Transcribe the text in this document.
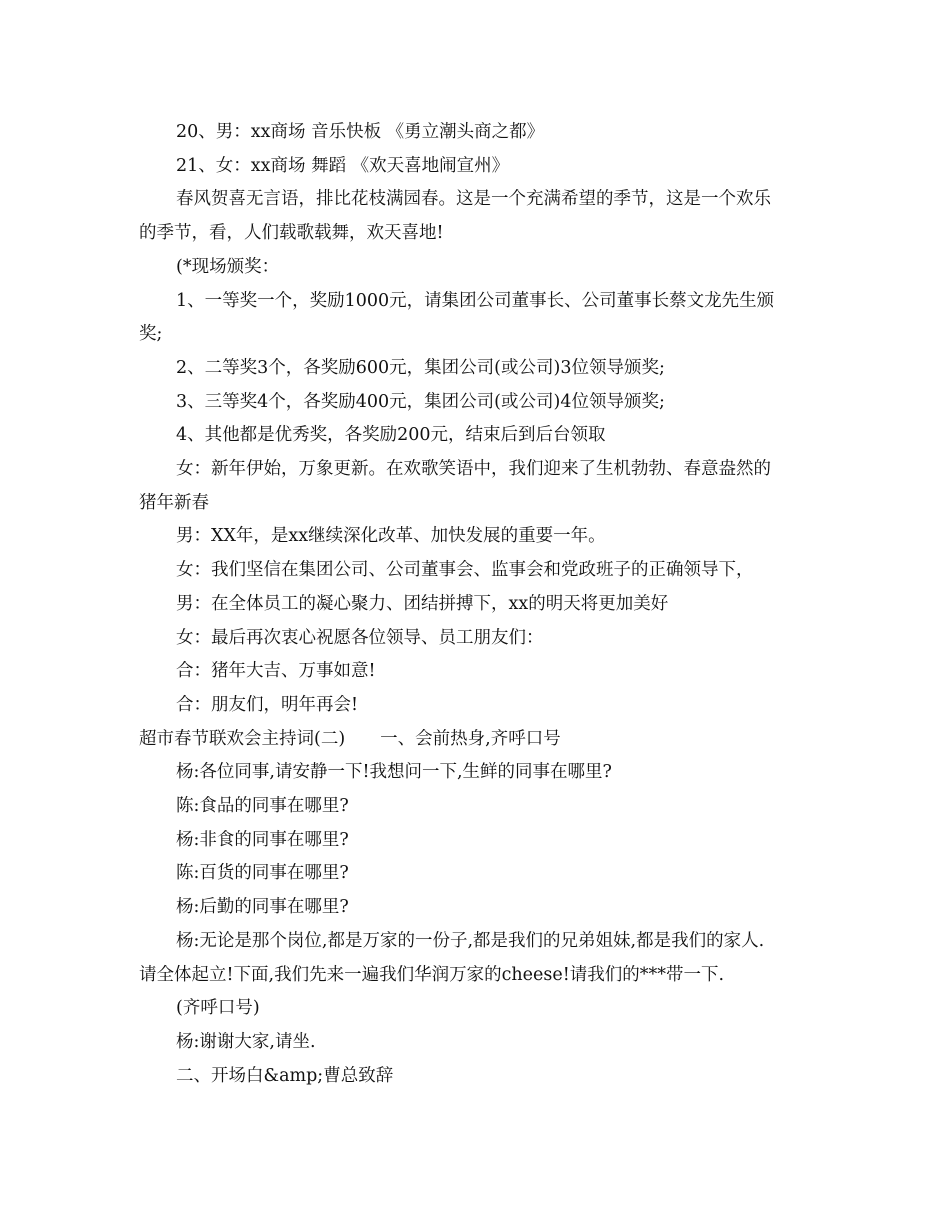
20、男：xx商场 音乐快板 《勇立潮头商之都》

21、女：xx商场 舞蹈 《欢天喜地闹宣州》

春风贺喜无言语，排比花枝满园春。这是一个充满希望的季节，这是一个欢乐

的季节，看，人们载歌载舞，欢天喜地!

(*现场颁奖：

1、一等奖一个，奖励1000元，请集团公司董事长、公司董事长蔡文龙先生颁

奖;

2、二等奖3个，各奖励600元，集团公司(或公司)3位领导颁奖;

3、三等奖4个，各奖励400元，集团公司(或公司)4位领导颁奖;

4、其他都是优秀奖，各奖励200元，结束后到后台领取

女：新年伊始，万象更新。在欢歌笑语中，我们迎来了生机勃勃、春意盎然的

猪年新春

男：XX年，是xx继续深化改革、加快发展的重要一年。

女：我们坚信在集团公司、公司董事会、监事会和党政班子的正确领导下，

男：在全体员工的凝心聚力、团结拼搏下，xx的明天将更加美好

女：最后再次衷心祝愿各位领导、员工朋友们：

合：猪年大吉、万事如意!

合：朋友们，明年再会!

超市春节联欢会主持词(二)　　一、会前热身,齐呼口号

杨:各位同事,请安静一下!我想问一下,生鲜的同事在哪里?

陈:食品的同事在哪里?

杨:非食的同事在哪里?

陈:百货的同事在哪里?

杨:后勤的同事在哪里?

杨:无论是那个岗位,都是万家的一份子,都是我们的兄弟姐妹,都是我们的家人.

请全体起立!下面,我们先来一遍我们华润万家的cheese!请我们的***带一下.

(齐呼口号)

杨:谢谢大家,请坐.

二、开场白&amp;曹总致辞
